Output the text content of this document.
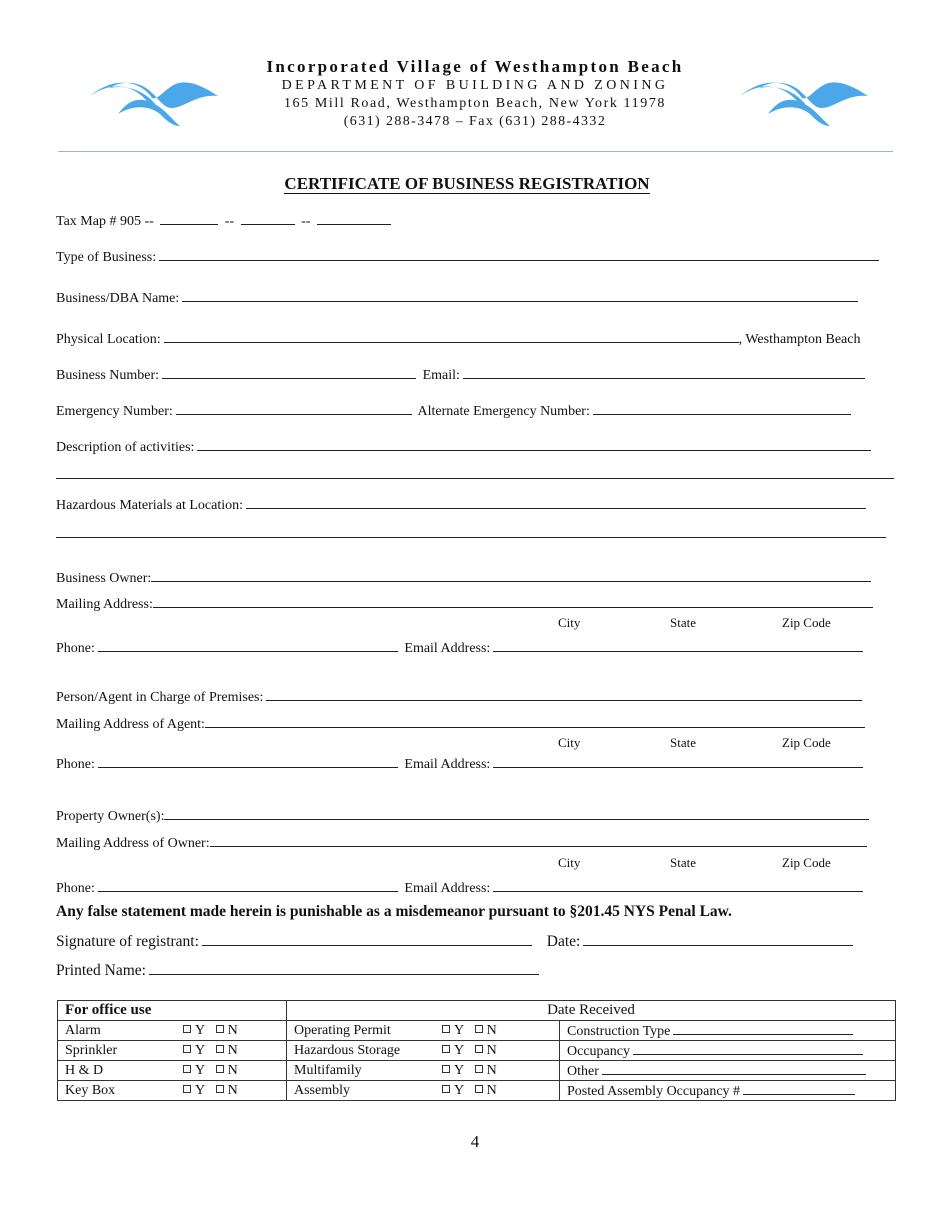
Incorporated Village of Westhampton Beach
DEPARTMENT OF BUILDING AND ZONING
165 Mill Road, Westhampton Beach, New York 11978
(631) 288-3478 – Fax (631) 288-4332
CERTIFICATE OF BUSINESS REGISTRATION
Tax Map # 905 --	--	--
Type of Business:
Business/DBA Name:
Physical Location:	, Westhampton Beach
Business Number:	Email:
Emergency Number:	Alternate Emergency Number:
Description of activities:
Hazardous Materials at Location:
Business Owner:
Mailing Address:
City	State	Zip Code
Phone:	Email Address:
Person/Agent in Charge of Premises:
Mailing Address of Agent:
City	State	Zip Code
Phone:	Email Address:
Property Owner(s):
Mailing Address of Owner:
City	State	Zip Code
Phone:	Email Address:
Any false statement made herein is punishable as a misdemeanor pursuant to §201.45 NYS Penal Law.
Signature of registrant:	Date:
Printed Name:
For office use	Date Received	
Alarm Y N	Operating Permit Y N	Construction Type
Sprinkler Y N	Hazardous Storage Y N	Occupancy
H & D Y N	Multifamily Y N	Other
Key Box Y N	Assembly Y N	Posted Assembly Occupancy #
4
